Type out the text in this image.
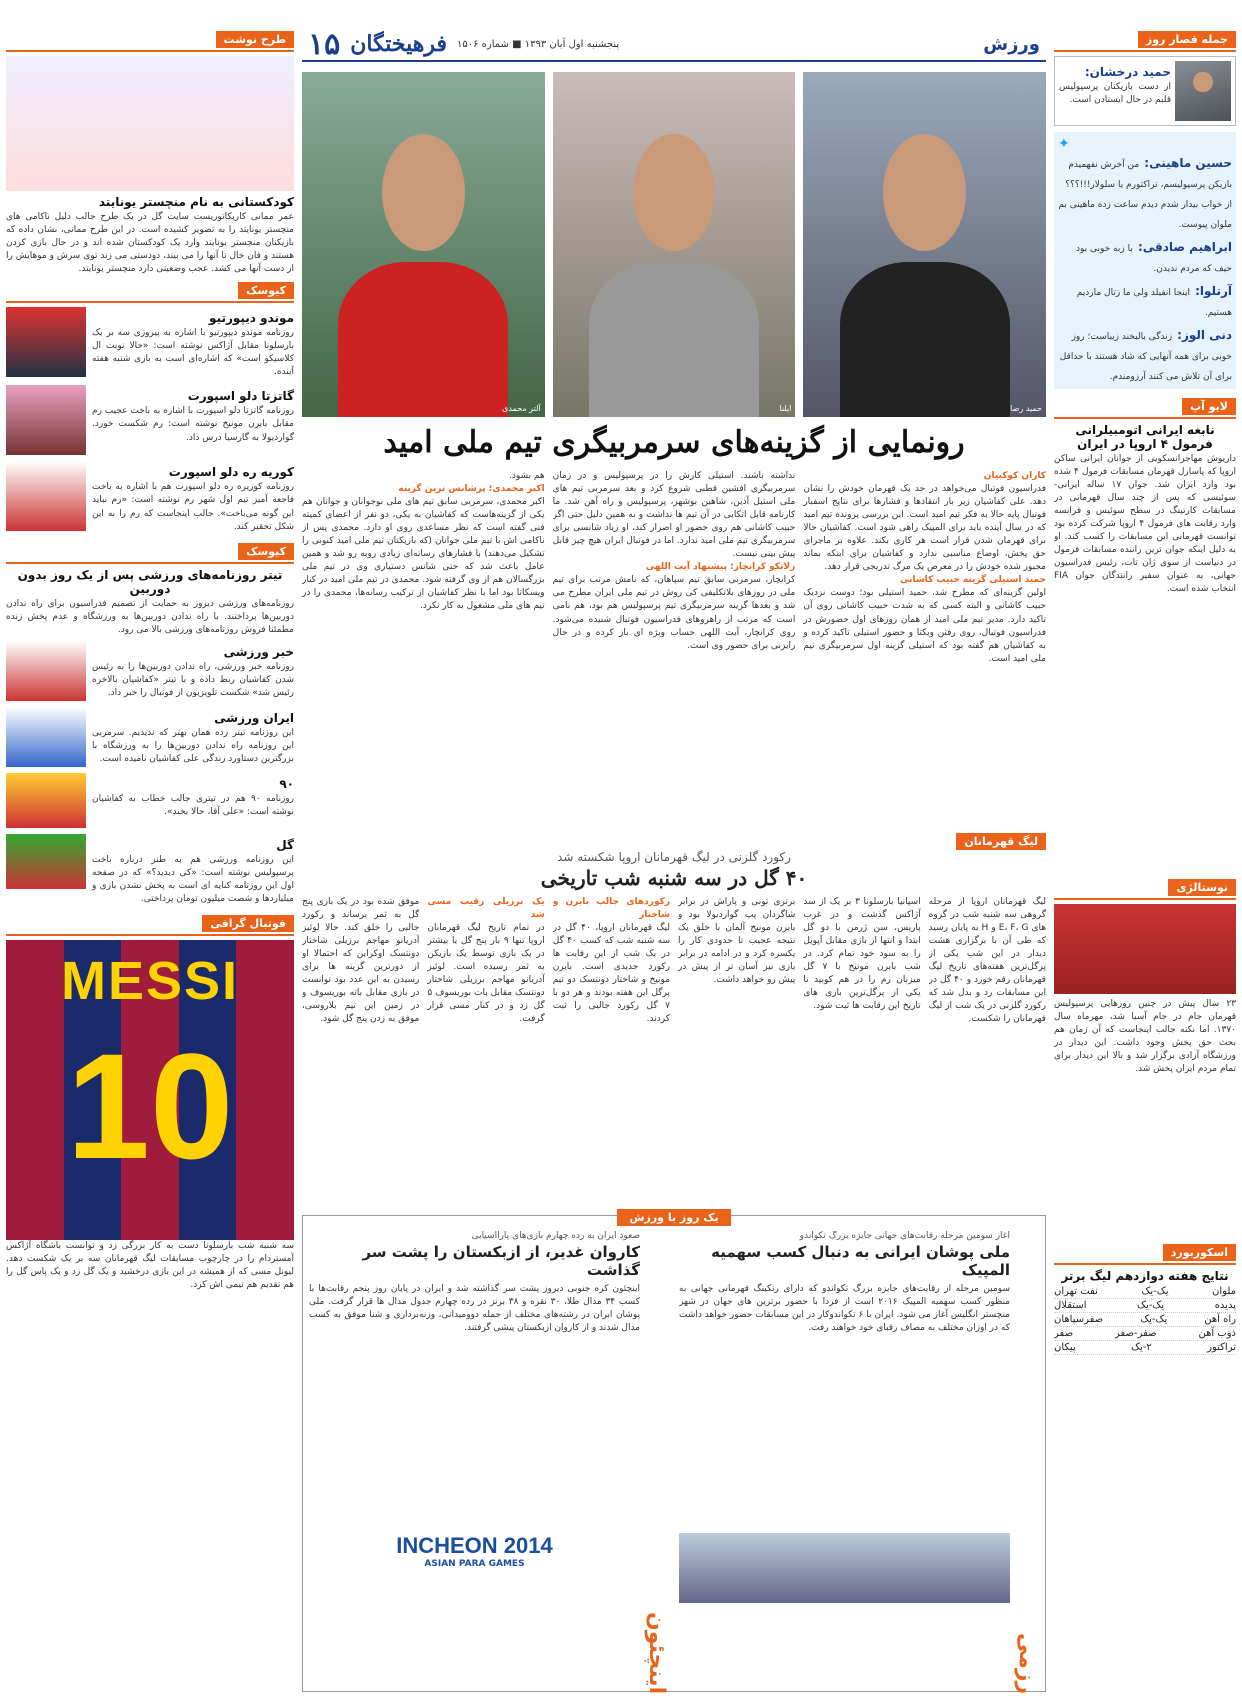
جمله قصار روز
حمید درخشان:
از دست بازیکنان پرسپولیس قلبم در حال ایستادن است.
✦
حسین ماهینی: من آخرش نفهمیدم بازیکن پرسپولیسم، تراکتورم یا سلولار!!!؟؟؟ از خواب بیدار شدم دیدم ساعت زده ماهینی بم ملوان پیوست.
ابراهیم صادقی: با زبه خوبی بود حیف که مردم ندیدن.
آرتلوا: اینجا انفیلد ولی ما زتال ماردیم هستیم.
دنی الوز: زندگی بالبخند زیباست؛ روز خوبی برای همه آنهایی که شاد هستند با حداقل برای آن تلاش می کنند آرزومندم.
لایو آپ
نابغه ایرانی اتومبیلرانی فرمول ۴ اروپا در ایران
داریوش مهاجرانسکویی از جوانان ایرانی ساکن اروپا که پاسارل قهرمان مسابقات فرمول ۴ شده بود وارد ایران شد. جوان ۱۷ ساله ایرانی-سوئیسی که پس از چند سال قهرمانی در مسابقات کارتینگ در سطح سوئیس و فرانسه وارد رقابت های فرمول ۴ اروپا شرکت کرده بود توانست قهرمانی این مسابقات را کسب کند. او به دلیل اینکه جوان ترین راننده مسابقات فرمول در دنیاست از سوی ژان تات، رئیس فدراسیون جهانی، به عنوان سفیر رانندگان جوان FIA انتخاب شده است.
نوستالژی
۲۳ سال پیش در چنین روزهایی پرسپولیس قهرمان جام در جام آسیا شد، مهرماه سال ۱۳۷۰. اما نکته جالب اینجاست که آن زمان هم بحث حق پخش وجود داشت. این دیدار در ورزشگاه آزادی برگزار شد و بالا این دیدار برای تمام مردم ایران پخش شد.
اسکوربورد
نتایج هفته دوازدهم لیگ برتر
ملوان
یک-یک
نفت تهران
پدیده
یک-یک
استقلال
راه آهن
یک-یک
صفرسپاهان
ذوب آهن
صفر-صفر
صفر
تراکتور
۲-یک
پیکان
ورزش
پنجشنبه اول آبان ۱۳۹۳ ■ شماره ۱۵۰۶
فرهیختگان
۱۵
حمید رضا
ایلنا
آلتر محمدی
رونمایی از گزینه‌های سرمربیگری تیم ملی امید
کاران کوکبیان

فدراسیون فوتبال می‌خواهد در حد یک قهرمان خودش را نشان دهد. علی کفاشیان زیر بار انتقادها و فشارها برای نتایج اسفبار فوتبال پایه حالا به فکر تیم امید است. این بررسی پرونده تیم امید که در سال آینده باید برای المپیک راهی شود است. کفاشیان حالا برای قهرمان شدن قرار است هر کاری بکند. علاوه بر ماجرای حق پخش، اوضاع مناسبی ندارد و کفاشیان برای اینکه بماند مجبور شده خودش را در معرض یک مرگ تدریجی قرار دهد.

حمید استیلی گزینه حبیب کاشانی

اولین گزینه‌ای که مطرح شد، حمید استیلی بود؛ دوست نزدیک حبیب کاشانی و البته کسی که به شدت حبیب کاشانی روی آن تاکید دارد. مدیر تیم ملی امید از همان روزهای اول حضورش در فدراسیون فوتبال، روی رفتن ویکتا و حضور استیلی تاکید کرده و به کفاشیان هم گفته بود که استیلی گزینه اول سرمربیگری تیم ملی امید است.

نداشته باشند. استیلی کارش را در پرسپولیس و در زمان سرمربیگری افشین قطبی شروع کرد و بعد سرمربی تیم های ملی استیل آذین، شاهین بوشهر، پرسپولیس و راه آهن شد. ما کارنامه قابل اتکایی در آن تیم ها نداشت و به همین دلیل حتی اگر حبیب کاشانی هم روی حضور او اصرار کند، او زیاد شانسی برای سرمربیگری تیم ملی امید ندارد. اما در فوتبال ایران هیچ چیز قابل پیش بینی نیست.

زلاتکو کرانچار؛ پیشنهاد آیت اللهی

کرانچار، سرمربی سابق تیم سپاهان، که نامش مرتب برای تیم ملی در روزهای بلاتکلیفی کی روش در تیم ملی ایران مطرح می شد و بعدها گزینه سرمربیگری تیم پرسپولیس هم بود، هم نامی است که مرتب از راهروهای فدراسیون فوتبال شنیده می‌شود. روی کرانچار، آیت اللهی حساب ویژه ای باز کرده و در حال رایزنی برای حضور وی است.

هم بشود.

اکبر محمدی؛ پرشانس ترین گزینه

اکبر محمدی، سرمربی سابق تیم های ملی نوجوانان و جوانان هم یکی از گزینه‌هاست که کفاشیان به یکی، دو نفر از اعضای کمیته فنی گفته است که نظر مساعدی روی او دارد. محمدی پس از ناکامی اش با تیم ملی جوانان (که بازیکنان تیم ملی امید کنونی را تشکیل می‌دهند) با فشارهای رسانه‌ای زیادی روبه رو شد و همین عامل باعث شد که حتی شانس دستیاری وی در تیم ملی بزرگسالان هم از وی گرفته شود. محمدی در تیم ملی امید در کنار ویسکاتا بود اما با نظر کفاشیان از ترکیب رسانه‌ها، محمدی را در تیم های ملی مشغول به کار نکرد.

لیگ قهرمانان
رکورد گلزنی در لیگ قهرمانان اروپا شکسته شد
۴۰ گل در سه شنبه شب تاریخی
لیگ قهرمانان اروپا از مرحله گروهی سه شنبه شب در گروه های E، F، G و H به پایان رسید که طی آن با برگزاری هشت دیدار در این شب یکی از پرگل‌ترین هفته‌های تاریخ لیگ قهرمانان رقم خورد و ۴۰ گل در این مسابقات رد و بدل شد که رکورد گلزنی در یک شب از لیگ قهرمانان را شکست.
اسپانیا بارسلونا ۳ بر یک از سد آژاکس گذشت و در غرب پاریس، سن ژرمن با دو گل ابتدا و انتها از بازی مقابل آپویل را به سود خود تمام کرد. در شب بایرن مونیخ با ۷ گل میزبان رم را در هم کوبید تا یکی از پرگل‌ترین بازی های تاریخ این رقابت ها ثبت شود.
برتری تونی و پاراش در برابر شاگردان پپ گواردیولا بود و بایرن مونیخ آلمان با خلق یک نتیجه عجیب تا حدودی کار را یکسره کرد و در ادامه در برابر بازی نیز آسان تر از پیش در پیش رو خواهد داشت.
رکوردهای جالب بایرن و شاختار

لیگ قهرمانان اروپا، ۴۰ گل در سه شنبه شب که کسب ۴۰ گل در یک شب از این رقابت ها رکورد جدیدی است. بایرن مونیخ و شاختار دونتسک دو تیم پرگل این هفته بودند و هر دو با ۷ گل رکورد جالبی را ثبت کردند.

یک برزیلی رقیب مسی شد

در تمام تاریخ لیگ قهرمانان اروپا تنها ۹ بار پنج گل یا بیشتر در یک بازی توسط یک بازیکن به ثمر رسیده است. لوئیز آدریانو مهاجم برزیلی شاختار دونتسک مقابل بات بوریسوف ۵ گل زد و در کنار مسی قرار گرفت.

موفق شده بود در یک بازی پنج گل به ثمر برساند و رکورد جالبی را خلق کند. حالا لوئیز آدریانو مهاجم برزیلی شاختار دونتسک اوکراین که احتمالا او از دورترین گزینه ها برای رسیدن به این عدد بود توانست در بازی مقابل باته بوریسوف و در زمین این تیم بلاروسی، موفق به زدن پنج گل شود.
یک روز با ورزش
رزمی
آغاز سومین مرحله رقابت‌های جهانی جایزه بزرگ تکواندو
ملی پوشان ایرانی به دنبال کسب سهمیه المپیک
سومین مرحله از رقابت‌های جایزه بزرگ تکواندو که دارای رنکینگ قهرمانی جهانی به منظور کسب سهمیه المپیک ۲۰۱۶ است از فردا با حضور برترین های جهان در شهر منچستر انگلیس آغاز می شود. ایران با ۶ تکواندوکار در این مسابقات حضور خواهد داشت که در اوزان مختلف به مصاف رقبای خود خواهند رفت.
اینچئون
صعود ایران به رده چهارم بازی‌های پاراآسیایی
کاروان غدیر، از ازبکستان را پشت سر گذاشت
اینچئون کره جنوبی دیروز پشت سر گذاشته شد و ایران در پایان روز پنجم رقابت‌ها با کسب ۳۴ مدال طلا، ۳۰ نقره و ۳۸ برنز در رده چهارم جدول مدال ها قرار گرفت. ملی پوشان ایران در رشته‌های مختلف از جمله دوومیدانی، وزنه‌برداری و شنا موفق به کسب مدال شدند و از کاروان ازبکستان پیشی گرفتند.
INCHEON 2014
ASIAN PARA GAMES
طرح نوشت
کودکستانی به نام منچستر یونایتد
عمر ممانی کاریکاتوریست سایت گل در یک طرح جالب دلیل ناکامی های منچستر یونایتد را به تصویر کشیده است. در این طرح ممانی، نشان داده که بازیکنان منچستر یونایتد وارد یک کودکستان شده اند و در حال بازی کردن هستند و فان خال تا آنها را می بیند، دودستی می زند توی سرش و موهایش را از دست آنها می کشد. عجب وضعیتی دارد منچستر یونایتد.
کیوسک
موندو دیپورتیو
روزنامه موندو دیپورتیو با اشاره به پیروزی سه بر یک بارسلونا مقابل آژاکس نوشته است: «حالا نوبت ال کلاسیکو است» که اشاره‌ای است به بازی شنبه هفته آینده.
گاتزتا دلو اسپورت
روزنامه گاتزتا دلو اسپورت با اشاره به باخت عجیب رم مقابل بایرن مونیخ نوشته است: رم شکست خورد. گواردیولا به گارسیا درس داد.
کوریه ره دلو اسپورت
روزنامه کوریره ره دلو اسپورت هم با اشاره به باخت فاجعه آمیز تیم اول شهر رم نوشته است: «رم نباید این گونه می‌باخت». جالب اینجاست که رم را به این شکل تحقیر کند.
کیوسک
تیتر روزنامه‌های ورزشی پس از یک روز بدون دوربین
روزنامه‌های ورزشی دیروز به حمایت از تصمیم فدراسیون برای راه ندادن دوربین‌ها پرداختند. با راه ندادن دوربین‌ها به ورزشگاه و عدم پخش زنده مطمئنا فروش روزنامه‌های ورزشی بالا می رود.
خبر ورزشی
روزنامه خبر ورزشی، راه ندادن دوربین‌ها را به رئیس شدن کفاشیان ربط داده و با تیتر «کفاشیان بالاخره رئیس شد» شکست تلویزیون از فوتبال را خبر داد.
ایران ورزشی
این روزنامه تیتر زده همان بهتر که ندیدیم. سرمربی این روزنامه راه ندادن دوربین‌ها را به ورزشگاه با بزرگترین دستاورد زندگی علی کفاشیان نامیده است.
۹۰
روزنامه ۹۰ هم در تیتری جالب خطاب به کفاشیان نوشته است: «علی آقا، حالا بخند».
گل
این روزنامه ورزشی هم به طنز درباره باخت پرسپولیس نوشته است: «کی دیدید؟» که در صفحه اول این روزنامه کنایه ای است به پخش نشدن بازی و میلیاردها و شصت میلیون تومان پرداختی.
فوتبال گرافی
MESSI
10
سه شنبه شب بارسلونا دست به کار بزرگی زد و توانست باشگاه آژاکس آمستردام را در چارچوب مسابقات لیگ قهرمانان سه بر یک شکست دهد. لیونل مسی که از همیشه در این بازی درخشید و یک گل زد و یک پاس گل را هم تقدیم هم تیمی اش کرد.
